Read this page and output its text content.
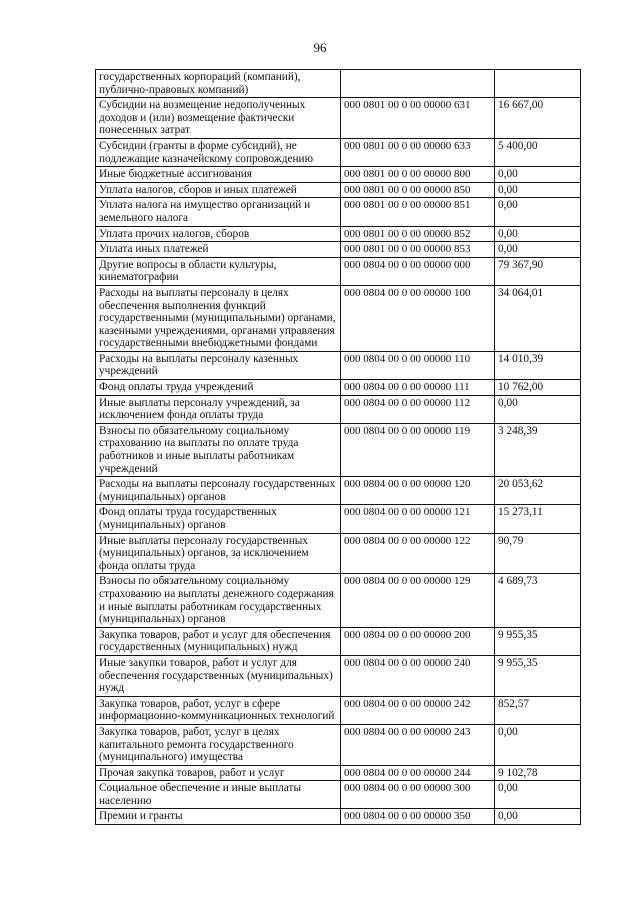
96
государственных корпораций (компаний), публично-правовых компаний)		
Субсидии на возмещение недополученных доходов и (или) возмещение фактически понесенных затрат	000 0801 00 0 00 00000 631	16 667,00
Субсидии (гранты в форме субсидий), не подлежащие казначейскому сопровождению	000 0801 00 0 00 00000 633	5 400,00
Иные бюджетные ассигнования	000 0801 00 0 00 00000 800	0,00
Уплата налогов, сборов и иных платежей	000 0801 00 0 00 00000 850	0,00
Уплата налога на имущество организаций и земельного налога	000 0801 00 0 00 00000 851	0,00
Уплата прочих налогов, сборов	000 0801 00 0 00 00000 852	0,00
Уплата иных платежей	000 0801 00 0 00 00000 853	0,00
Другие вопросы в области культуры, кинематографии	000 0804 00 0 00 00000 000	79 367,90
Расходы на выплаты персоналу в целях обеспечения выполнения функций государственными (муниципальными) органами, казенными учреждениями, органами управления государственными внебюджетными фондами	000 0804 00 0 00 00000 100	34 064,01
Расходы на выплаты персоналу казенных учреждений	000 0804 00 0 00 00000 110	14 010,39
Фонд оплаты труда учреждений	000 0804 00 0 00 00000 111	10 762,00
Иные выплаты персоналу учреждений, за исключением фонда оплаты труда	000 0804 00 0 00 00000 112	0,00
Взносы по обязательному социальному страхованию на выплаты по оплате труда работников и иные выплаты работникам учреждений	000 0804 00 0 00 00000 119	3 248,39
Расходы на выплаты персоналу государственных (муниципальных) органов	000 0804 00 0 00 00000 120	20 053,62
Фонд оплаты труда государственных (муниципальных) органов	000 0804 00 0 00 00000 121	15 273,11
Иные выплаты персоналу государственных (муниципальных) органов, за исключением фонда оплаты труда	000 0804 00 0 00 00000 122	90,79
Взносы по обязательному социальному страхованию на выплаты денежного содержания и иные выплаты работникам государственных (муниципальных) органов	000 0804 00 0 00 00000 129	4 689,73
Закупка товаров, работ и услуг для обеспечения государственных (муниципальных) нужд	000 0804 00 0 00 00000 200	9 955,35
Иные закупки товаров, работ и услуг для обеспечения государственных (муниципальных) нужд	000 0804 00 0 00 00000 240	9 955,35
Закупка товаров, работ, услуг в сфере информационно-коммуникационных технологий	000 0804 00 0 00 00000 242	852,57
Закупка товаров, работ, услуг в целях капитального ремонта государственного (муниципального) имущества	000 0804 00 0 00 00000 243	0,00
Прочая закупка товаров, работ и услуг	000 0804 00 0 00 00000 244	9 102,78
Социальное обеспечение и иные выплаты населению	000 0804 00 0 00 00000 300	0,00
Премии и гранты	000 0804 00 0 00 00000 350	0,00
